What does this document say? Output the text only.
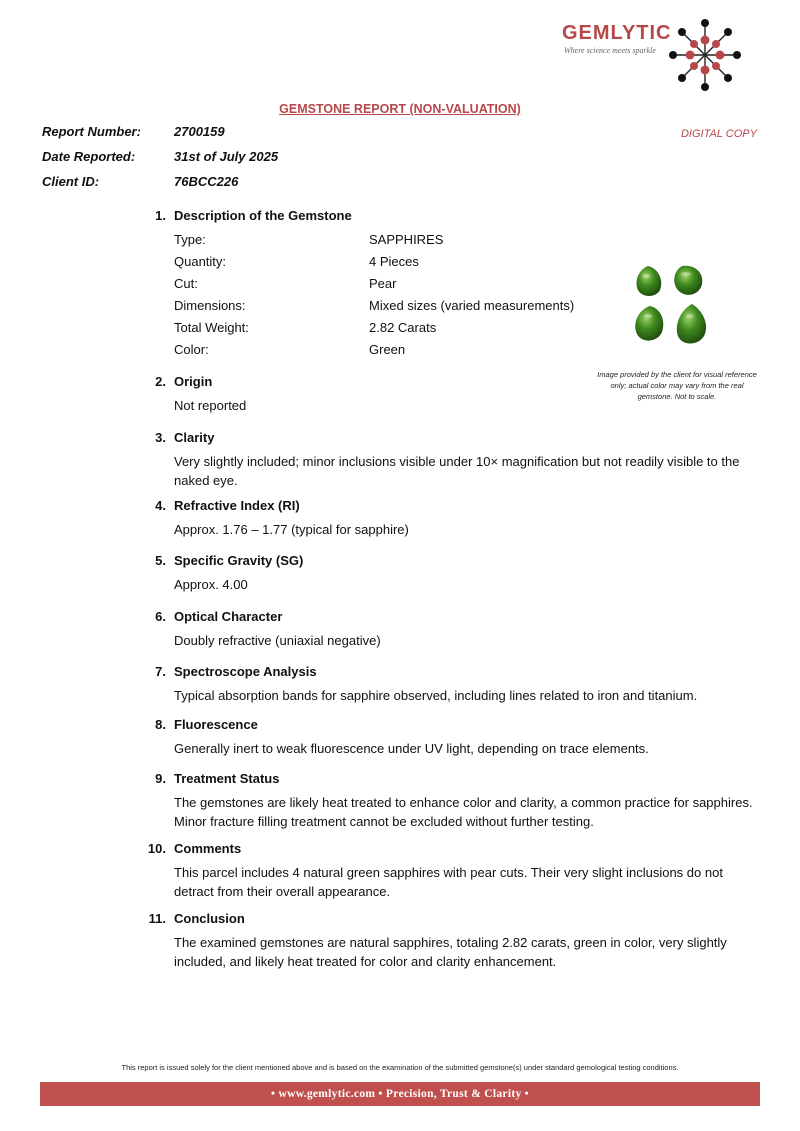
GEMLYTIC
Where science meets sparkle
GEMSTONE REPORT (NON-VALUATION)
DIGITAL COPY
Report Number:	2700159
Date Reported:	31st of July 2025
Client ID:	76BCC226
1. Description of the Gemstone
Type:	SAPPHIRES
Quantity:	4 Pieces
Cut:	Pear
Dimensions:	Mixed sizes (varied measurements)
Total Weight:	2.82 Carats
Color:	Green
Image provided by the client for visual reference only; actual color may vary from the real gemstone. Not to scale.
2. Origin
Not reported
3. Clarity
Very slightly included; minor inclusions visible under 10× magnification but not readily visible to the naked eye.
4. Refractive Index (RI)
Approx. 1.76 – 1.77 (typical for sapphire)
5. Specific Gravity (SG)
Approx. 4.00
6. Optical Character
Doubly refractive (uniaxial negative)
7. Spectroscope Analysis
Typical absorption bands for sapphire observed, including lines related to iron and titanium.
8. Fluorescence
Generally inert to weak fluorescence under UV light, depending on trace elements.
9. Treatment Status
The gemstones are likely heat treated to enhance color and clarity, a common practice for sapphires. Minor fracture filling treatment cannot be excluded without further testing.
10. Comments
This parcel includes 4 natural green sapphires with pear cuts. Their very slight inclusions do not detract from their overall appearance.
11. Conclusion
The examined gemstones are natural sapphires, totaling 2.82 carats, green in color, very slightly included, and likely heat treated for color and clarity enhancement.
This report is issued solely for the client mentioned above and is based on the examination of the submitted gemstone(s) under standard gemological testing conditions.
• www.gemlytic.com • Precision, Trust & Clarity •
